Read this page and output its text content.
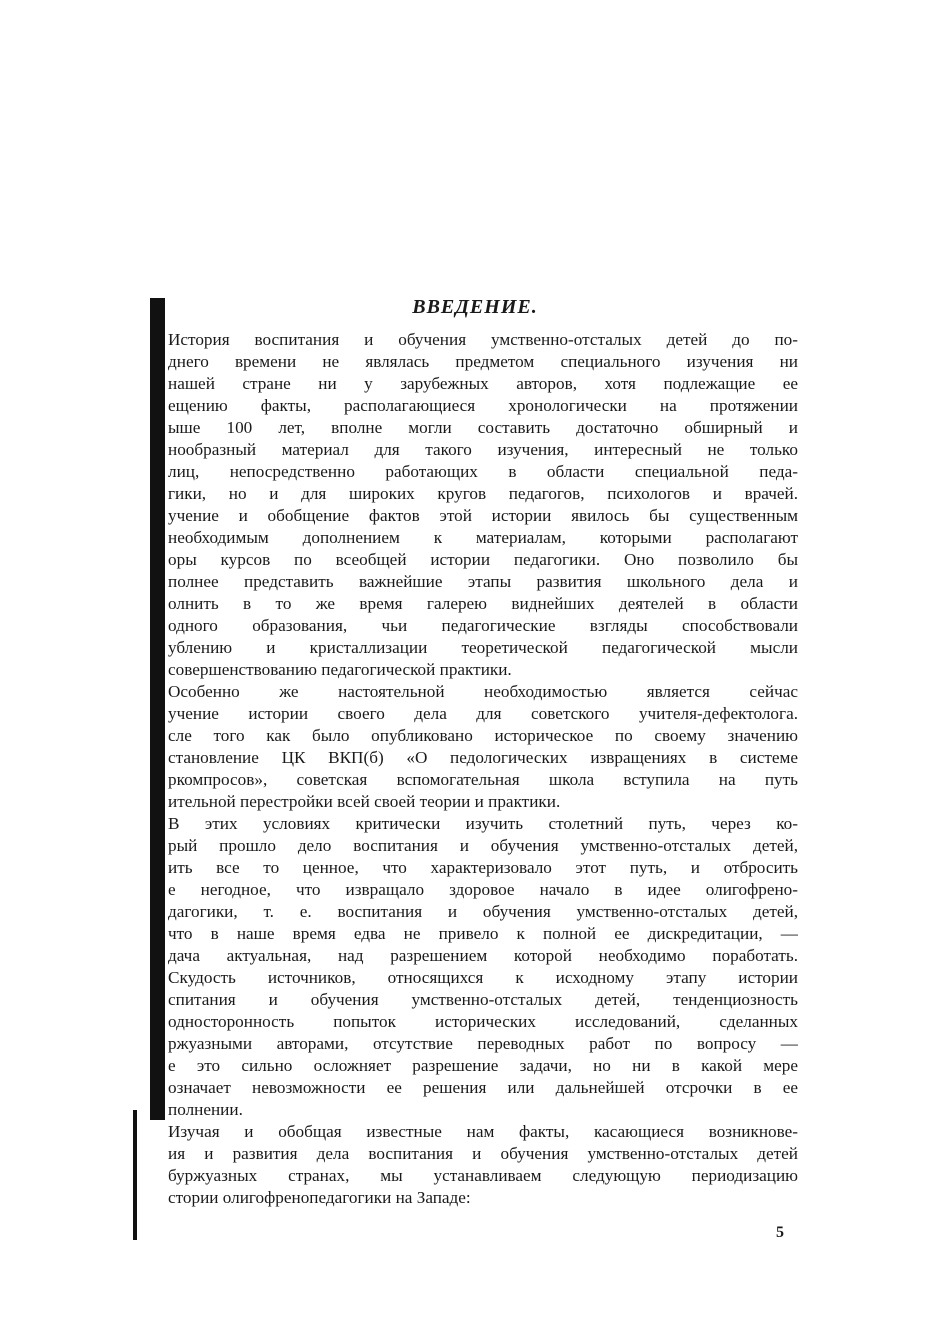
ВВЕДЕНИЕ.
История воспитания и обучения умственно-отсталых детей до по-
днего времени не являлась предметом специального изучения ни
нашей стране ни у зарубежных авторов, хотя подлежащие ее
ещению факты, располагающиеся хронологически на протяжении
ыше 100 лет, вполне могли составить достаточно обширный и
нообразный материал для такого изучения, интересный не только
лиц, непосредственно работающих в области специальной педа-
гики, но и для широких кругов педагогов, психологов и врачей.
учение и обобщение фактов этой истории явилось бы существенным
необходимым дополнением к материалам, которыми располагают
оры курсов по всеобщей истории педагогики. Оно позволило бы
полнее представить важнейшие этапы развития школьного дела и
олнить в то же время галерею виднейших деятелей в области
одного образования, чьи педагогические взгляды способствовали
ублению и кристаллизации теоретической педагогической мысли
совершенствованию педагогической практики.
Особенно же настоятельной необходимостью является сейчас
учение истории своего дела для советского учителя-дефектолога.
сле того как было опубликовано историческое по своему значению
становление ЦК ВКП(б) «О педологических извращениях в системе
ркомпросов», советская вспомогательная школа вступила на путь
ительной перестройки всей своей теории и практики.
В этих условиях критически изучить столетний путь, через ко-
рый прошло дело воспитания и обучения умственно-отсталых детей,
ить все то ценное, что характеризовало этот путь, и отбросить
е негодное, что извращало здоровое начало в идее олигофрено-
дагогики, т. е. воспитания и обучения умственно-отсталых детей,
что в наше время едва не привело к полной ее дискредитации, —
дача актуальная, над разрешением которой необходимо поработать.
Скудость источников, относящихся к исходному этапу истории
спитания и обучения умственно-отсталых детей, тенденциозность
односторонность попыток исторических исследований, сделанных
ржуазными авторами, отсутствие переводных работ по вопросу —
е это сильно осложняет разрешение задачи, но ни в какой мере
означает невозможности ее решения или дальнейшей отсрочки в ее
полнении.
Изучая и обобщая известные нам факты, касающиеся возникнове-
ия и развития дела воспитания и обучения умственно-отсталых детей
буржуазных странах, мы устанавливаем следующую периодизацию
стории олигофренопедагогики на Западе:
5
